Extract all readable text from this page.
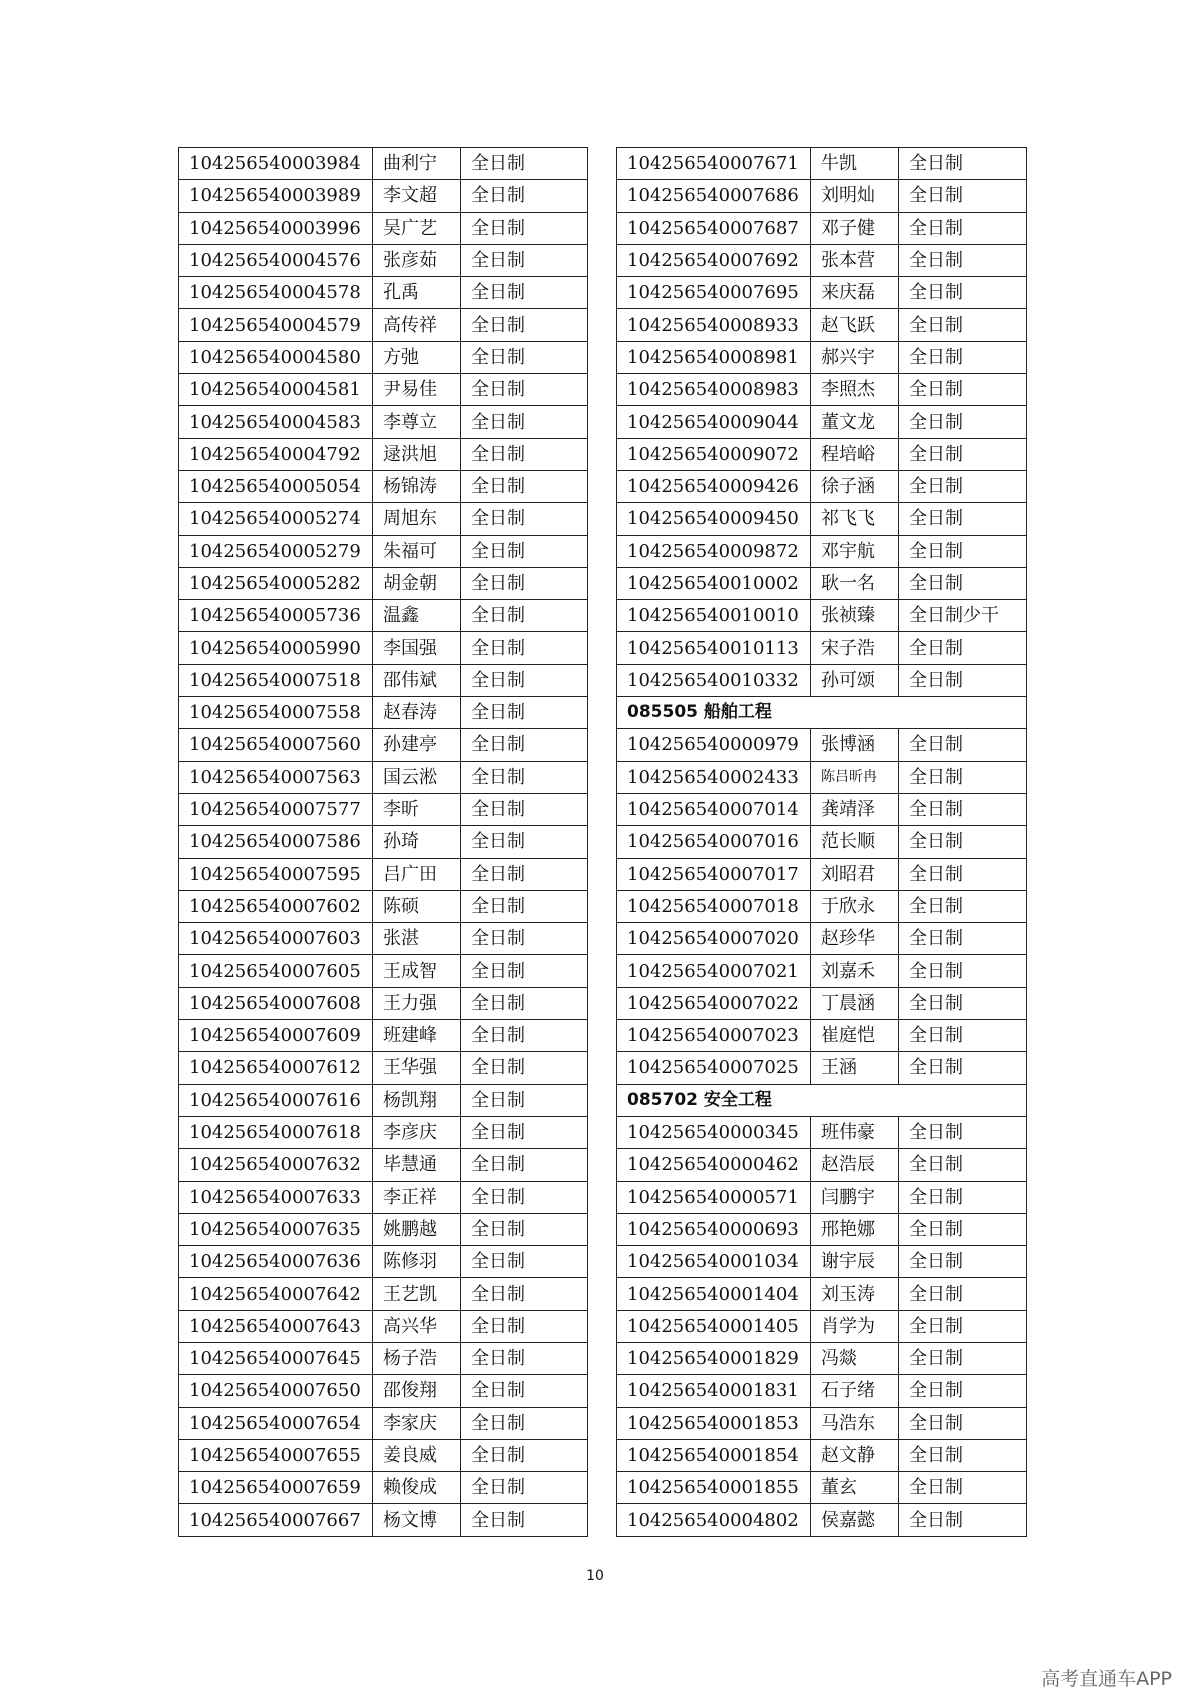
104256540003984	曲利宁	全日制
104256540003989	李文超	全日制
104256540003996	吴广艺	全日制
104256540004576	张彦茹	全日制
104256540004578	孔禹	全日制
104256540004579	高传祥	全日制
104256540004580	方弛	全日制
104256540004581	尹易佳	全日制
104256540004583	李尊立	全日制
104256540004792	逯洪旭	全日制
104256540005054	杨锦涛	全日制
104256540005274	周旭东	全日制
104256540005279	朱福可	全日制
104256540005282	胡金朝	全日制
104256540005736	温鑫	全日制
104256540005990	李国强	全日制
104256540007518	邵伟斌	全日制
104256540007558	赵春涛	全日制
104256540007560	孙建亭	全日制
104256540007563	国云淞	全日制
104256540007577	李昕	全日制
104256540007586	孙琦	全日制
104256540007595	吕广田	全日制
104256540007602	陈硕	全日制
104256540007603	张湛	全日制
104256540007605	王成智	全日制
104256540007608	王力强	全日制
104256540007609	班建峰	全日制
104256540007612	王华强	全日制
104256540007616	杨凯翔	全日制
104256540007618	李彦庆	全日制
104256540007632	毕慧通	全日制
104256540007633	李正祥	全日制
104256540007635	姚鹏越	全日制
104256540007636	陈修羽	全日制
104256540007642	王艺凯	全日制
104256540007643	高兴华	全日制
104256540007645	杨子浩	全日制
104256540007650	邵俊翔	全日制
104256540007654	李家庆	全日制
104256540007655	姜良威	全日制
104256540007659	赖俊成	全日制
104256540007667	杨文博	全日制
104256540007671	牛凯	全日制
104256540007686	刘明灿	全日制
104256540007687	邓子健	全日制
104256540007692	张本营	全日制
104256540007695	来庆磊	全日制
104256540008933	赵飞跃	全日制
104256540008981	郝兴宇	全日制
104256540008983	李照杰	全日制
104256540009044	董文龙	全日制
104256540009072	程培峪	全日制
104256540009426	徐子涵	全日制
104256540009450	祁飞飞	全日制
104256540009872	邓宇航	全日制
104256540010002	耿一名	全日制
104256540010010	张祯臻	全日制少干
104256540010113	宋子浩	全日制
104256540010332	孙可颂	全日制
085505 船舶工程		
104256540000979	张博涵	全日制
104256540002433	陈吕昕冉	全日制
104256540007014	龚靖泽	全日制
104256540007016	范长顺	全日制
104256540007017	刘昭君	全日制
104256540007018	于欣永	全日制
104256540007020	赵珍华	全日制
104256540007021	刘嘉禾	全日制
104256540007022	丁晨涵	全日制
104256540007023	崔庭恺	全日制
104256540007025	王涵	全日制
085702 安全工程		
104256540000345	班伟豪	全日制
104256540000462	赵浩辰	全日制
104256540000571	闫鹏宇	全日制
104256540000693	邢艳娜	全日制
104256540001034	谢宇辰	全日制
104256540001404	刘玉涛	全日制
104256540001405	肖学为	全日制
104256540001829	冯燚	全日制
104256540001831	石子绪	全日制
104256540001853	马浩东	全日制
104256540001854	赵文静	全日制
104256540001855	董玄	全日制
104256540004802	侯嘉懿	全日制
10
高考直通车APP
